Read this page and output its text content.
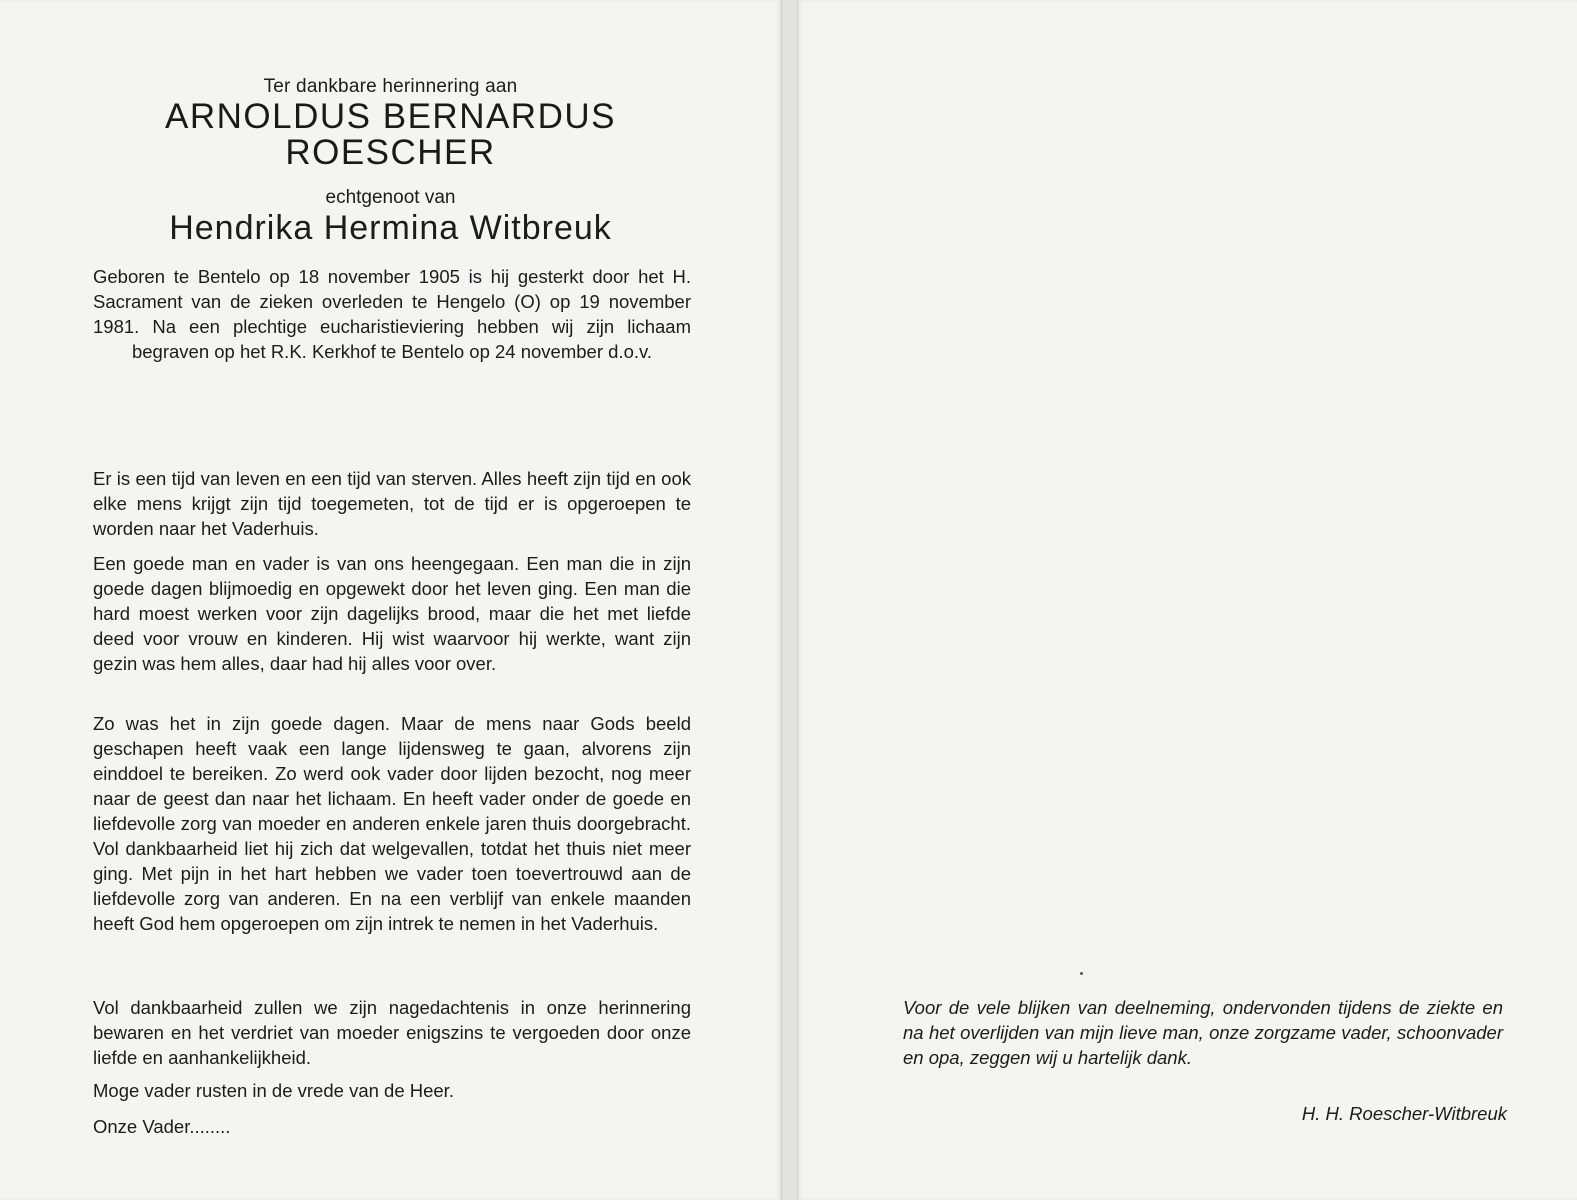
Ter dankbare herinnering aan
ARNOLDUS BERNARDUS
ROESCHER
echtgenoot van
Hendrika Hermina Witbreuk

Geboren te Bentelo op 18 november 1905 is hij gesterkt door het H. Sacrament van de zieken overleden te Hengelo (O) op 19 november 1981. Na een plechtige eucharistieviering hebben wij zijn lichaam begraven op het R.K. Kerkhof te Bentelo op 24 november d.o.v.

Er is een tijd van leven en een tijd van sterven. Alles heeft zijn tijd en ook elke mens krijgt zijn tijd toegemeten, tot de tijd er is opgeroepen te worden naar het Vaderhuis.

Een goede man en vader is van ons heengegaan. Een man die in zijn goede dagen blijmoedig en opgewekt door het leven ging. Een man die hard moest werken voor zijn dagelijks brood, maar die het met liefde deed voor vrouw en kinderen. Hij wist waarvoor hij werkte, want zijn gezin was hem alles, daar had hij alles voor over.

Zo was het in zijn goede dagen. Maar de mens naar Gods beeld geschapen heeft vaak een lange lijdensweg te gaan, alvorens zijn einddoel te bereiken. Zo werd ook vader door lijden bezocht, nog meer naar de geest dan naar het lichaam. En heeft vader onder de goede en liefdevolle zorg van moeder en anderen enkele jaren thuis doorgebracht. Vol dankbaarheid liet hij zich dat welgevallen, totdat het thuis niet meer ging. Met pijn in het hart hebben we vader toen toevertrouwd aan de liefdevolle zorg van anderen. En na een verblijf van enkele maanden heeft God hem opgeroepen om zijn intrek te nemen in het Vaderhuis.

Vol dankbaarheid zullen we zijn nagedachtenis in onze herinnering bewaren en het verdriet van moeder enigszins te vergoeden door onze liefde en aanhankelijkheid.

Moge vader rusten in de vrede van de Heer.

Onze Vader........

Voor de vele blijken van deelneming, ondervonden tijdens de ziekte en na het overlijden van mijn lieve man, onze zorgzame vader, schoonvader en opa, zeggen wij u hartelijk dank.
H. H. Roescher-Witbreuk
